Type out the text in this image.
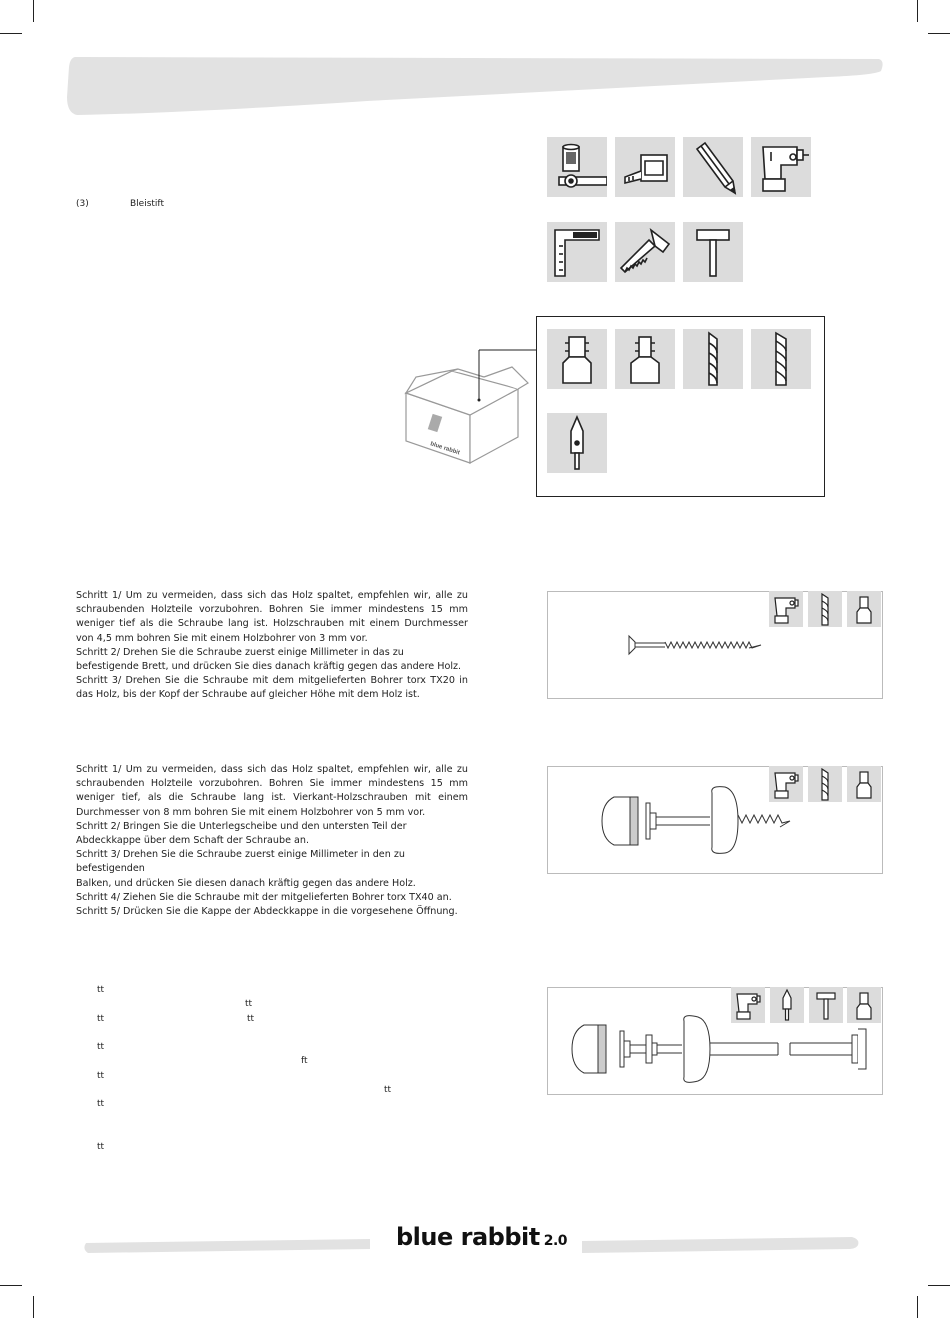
(3)	Bleistift
blue rabbit

Schritt 1/ Um zu vermeiden, dass sich das Holz spaltet, empfehlen wir, alle zu schraubenden Holzteile vorzubohren. Bohren Sie immer mindestens 15 mm weniger tief als die Schraube lang ist. Holzschrauben mit einem Durchmesser von 4,5 mm bohren Sie mit einem Holzbohrer von 3 mm vor.

Schritt 2/ Drehen Sie die Schraube zuerst einige Millimeter in das zu

befestigende Brett, und drücken Sie dies danach kräftig gegen das andere Holz.

Schritt 3/ Drehen Sie die Schraube mit dem mitgelieferten Bohrer torx TX20 in das Holz, bis der Kopf der Schraube auf gleicher Höhe mit dem Holz ist.

Schritt 1/ Um zu vermeiden, dass sich das Holz spaltet, empfehlen wir, alle zu schraubenden Holzteile vorzubohren. Bohren Sie immer mindestens 15 mm weniger tief, als die Schraube lang ist. Vierkant-Holzschrauben mit einem Durchmesser von 8 mm bohren Sie mit einem Holzbohrer von 5 mm vor.

Schritt 2/ Bringen Sie die Unterlegscheibe und den untersten Teil der

Abdeckkappe über dem Schaft der Schraube an.

Schritt 3/ Drehen Sie die Schraube zuerst einige Millimeter in den zu befestigenden

Balken, und drücken Sie diesen danach kräftig gegen das andere Holz.

Schritt 4/ Ziehen Sie die Schraube mit der mitgelieferten Bohrer torx TX40 an.

Schritt 5/ Drücken Sie die Kappe der Abdeckkappe in die vorgesehene Öffnung.

tt
tt
tt	tt
tt
ft
tt
tt
tt
tt
blue rabbit 2.0
